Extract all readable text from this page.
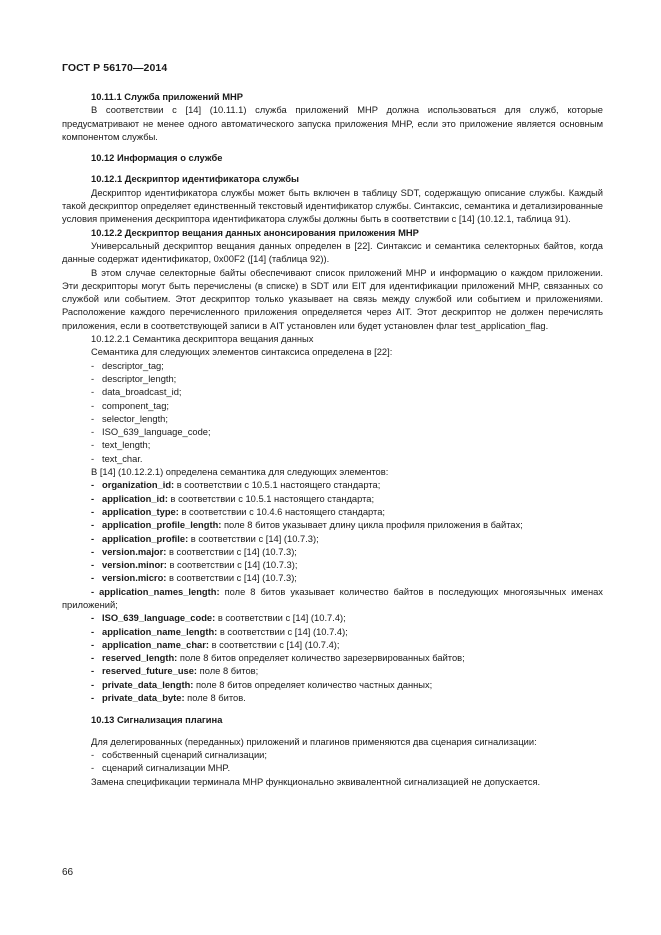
ГОСТ Р 56170—2014

10.11.1 Служба приложений MHP

В соответствии с [14] (10.11.1) служба приложений MHP должна использоваться для служб, которые предусматривают не менее одного автоматического запуска приложения MHP, если это приложение является основным компонентом службы.

10.12 Информация о службе

10.12.1 Дескриптор идентификатора службы

Дескриптор идентификатора службы может быть включен в таблицу SDT, содержащую описание службы. Каждый такой дескриптор определяет единственный текстовый идентификатор службы. Синтаксис, семантика и детализированные условия применения дескриптора идентификатора службы должны быть в соответствии с [14] (10.12.1, таблица 91).

10.12.2 Дескриптор вещания данных анонсирования приложения MHP

Универсальный дескриптор вещания данных определен в [22]. Синтаксис и семантика селекторных байтов, когда данные содержат идентификатор, 0x00F2 ([14] (таблица 92)).

В этом случае селекторные байты обеспечивают список приложений MHP и информацию о каждом приложении. Эти дескрипторы могут быть перечислены (в списке) в SDT или EIT для идентификации приложений MHP, связанных со службой или событием. Этот дескриптор только указывает на связь между службой или событием и приложениями. Расположение каждого перечисленного приложения определяется через AIT. Этот дескриптор не должен перечислять приложения, если в соответствующей записи в AIT установлен или будет установлен флаг test_application_flag.

10.12.2.1 Семантика дескриптора вещания данных

Семантика для следующих элементов синтаксиса определена в [22]:

- descriptor_tag;
- descriptor_length;
- data_broadcast_id;
- component_tag;
- selector_length;
- ISO_639_language_code;
- text_length;
- text_char.

В [14] (10.12.2.1) определена семантика для следующих элементов:

- organization_id: в соответствии с 10.5.1 настоящего стандарта;
- application_id: в соответствии с 10.5.1 настоящего стандарта;
- application_type: в соответствии с 10.4.6 настоящего стандарта;
- application_profile_length: поле 8 битов указывает длину цикла профиля приложения в байтах;
- application_profile: в соответствии с [14] (10.7.3);
- version.major: в соответствии с [14] (10.7.3);
- version.minor: в соответствии с [14] (10.7.3);
- version.micro: в соответствии с [14] (10.7.3);

- application_names_length: поле 8 битов указывает количество байтов в последующих многоязычных именах приложений;

- ISO_639_language_code: в соответствии с [14] (10.7.4);
- application_name_length: в соответствии с [14] (10.7.4);
- application_name_char: в соответствии с [14] (10.7.4);
- reserved_length: поле 8 битов определяет количество зарезервированных байтов;
- reserved_future_use: поле 8 битов;
- private_data_length: поле 8 битов определяет количество частных данных;
- private_data_byte: поле 8 битов.

10.13 Сигнализация плагина

Для делегированных (переданных) приложений и плагинов применяются два сценария сигнализации:

- собственный сценарий сигнализации;
- сценарий сигнализации MHP.

Замена спецификации терминала MHP функционально эквивалентной сигнализацией не допускается.

66
